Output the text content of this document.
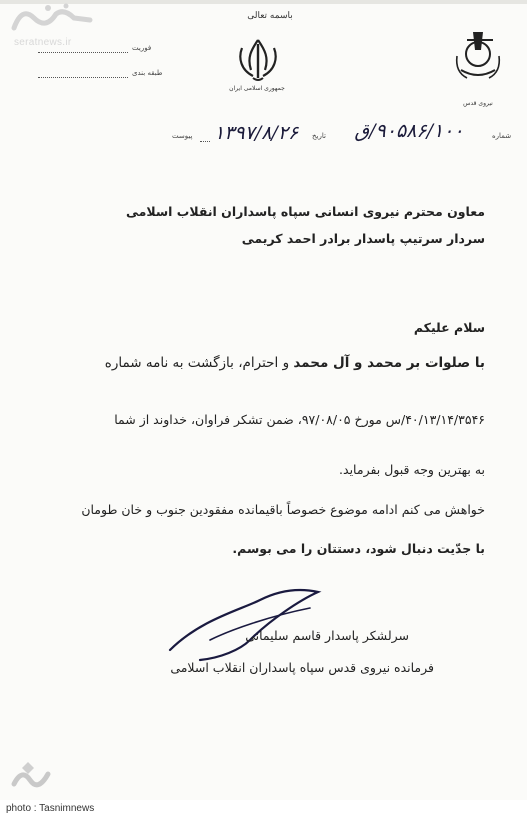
seratnews.ir
باسمه تعالی
فوریت
طبقه بندی
جمهوری اسلامی ایران
نیروی قدس
پیوست ۱۳۹۷/۸/۲۶ تاریخ	۹۰۵۸۶/۱۰۰/ق	شماره
معاون محترم نیروی انسانی سپاه پاسداران انقلاب اسلامی
سردار سرتیپ پاسدار برادر احمد کریمی
سلام علیکم
با صلوات بر محمد و آل محمد و احترام، بازگشت به نامه شماره
۴۰/۱۳/۱۴/۳۵۴۶/س مورخ ۹۷/۰۸/۰۵، ضمن تشکر فراوان، خداوند از شما
به بهترین وجه قبول بفرماید.
خواهش می کنم ادامه موضوع خصوصاً باقیمانده مفقودین جنوب و خان طومان
با جدّیت دنبال شود، دستتان را می بوسم.
سرلشکر پاسدار قاسم سلیمانی
فرمانده نیروی قدس سپاه پاسداران انقلاب اسلامی
photo : Tasnimnews
